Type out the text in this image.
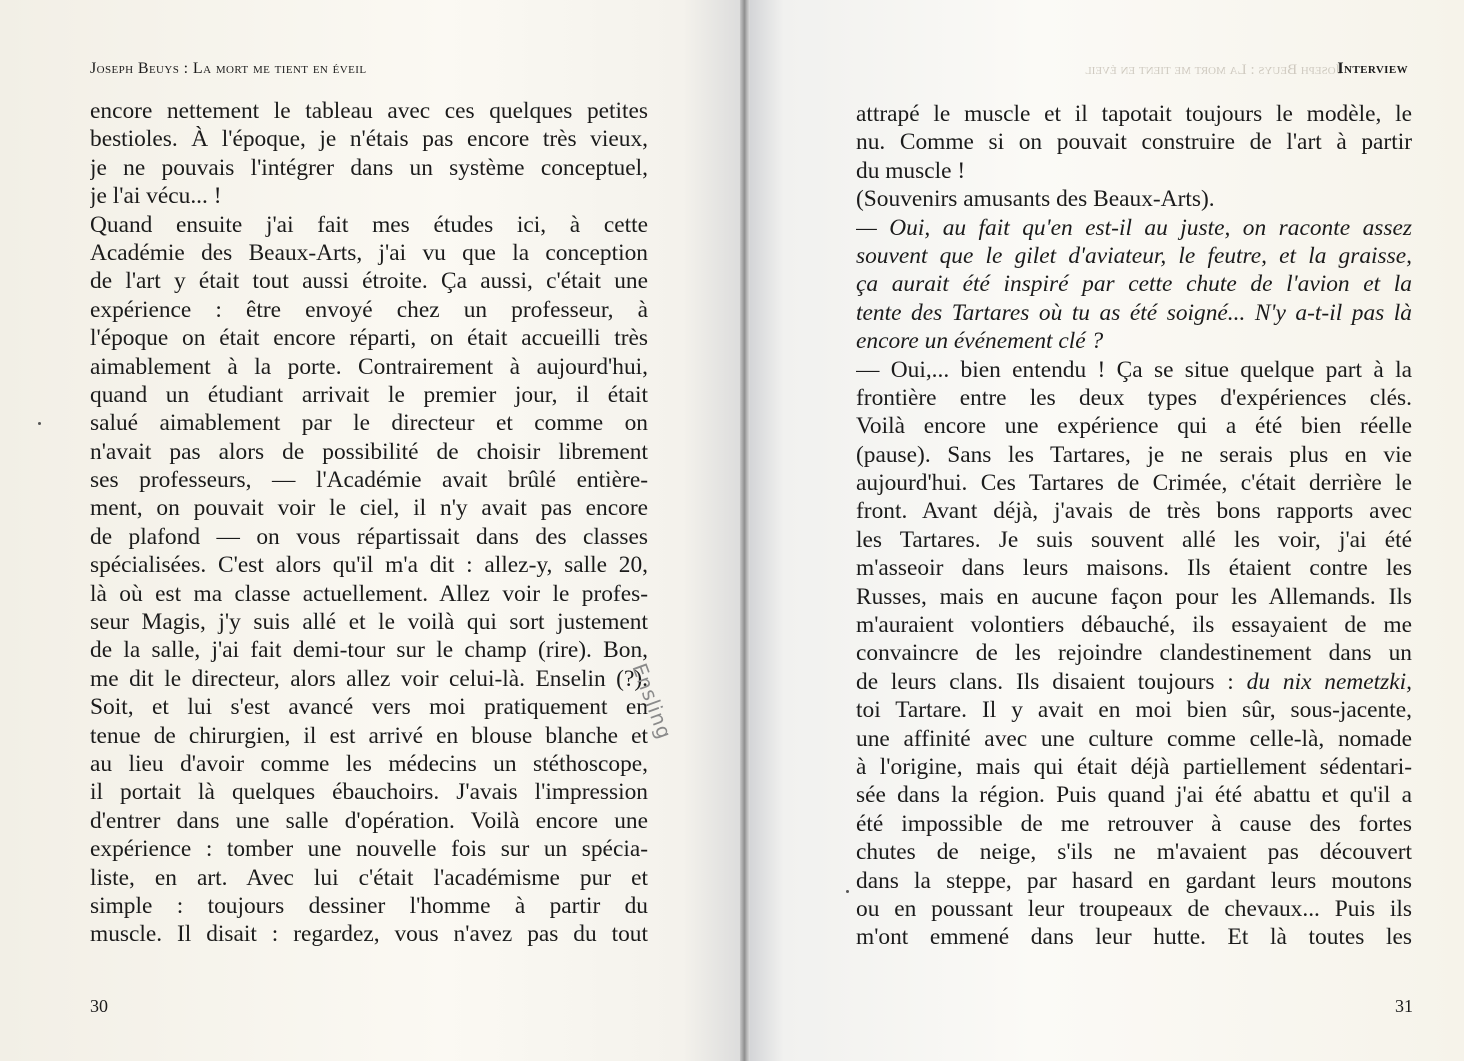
Joseph Beuys : La mort me tient en éveil
encore nettement le tableau avec ces quelques petites
bestioles. À l'époque, je n'étais pas encore très vieux,
je ne pouvais l'intégrer dans un système conceptuel,
je l'ai vécu... !
Quand ensuite j'ai fait mes études ici, à cette
Académie des Beaux-Arts, j'ai vu que la conception
de l'art y était tout aussi étroite. Ça aussi, c'était une
expérience : être envoyé chez un professeur, à
l'époque on était encore réparti, on était accueilli très
aimablement à la porte. Contrairement à aujourd'hui,
quand un étudiant arrivait le premier jour, il était
salué aimablement par le directeur et comme on
n'avait pas alors de possibilité de choisir librement
ses professeurs, — l'Académie avait brûlé entière-
ment, on pouvait voir le ciel, il n'y avait pas encore
de plafond — on vous répartissait dans des classes
spécialisées. C'est alors qu'il m'a dit : allez-y, salle 20,
là où est ma classe actuellement. Allez voir le profes-
seur Magis, j'y suis allé et le voilà qui sort justement
de la salle, j'ai fait demi-tour sur le champ (rire). Bon,
me dit le directeur, alors allez voir celui-là. Enselin (?).
Soit, et lui s'est avancé vers moi pratiquement en
tenue de chirurgien, il est arrivé en blouse blanche et
au lieu d'avoir comme les médecins un stéthoscope,
il portait là quelques ébauchoirs. J'avais l'impression
d'entrer dans une salle d'opération. Voilà encore une
expérience : tomber une nouvelle fois sur un spécia-
liste, en art. Avec lui c'était l'académisme pur et
simple : toujours dessiner l'homme à partir du
muscle. Il disait : regardez, vous n'avez pas du tout
Ensling
30
Joseph Beuys : La mort me tient en éveil
Interview
attrapé le muscle et il tapotait toujours le modèle, le
nu. Comme si on pouvait construire de l'art à partir
du muscle !
(Souvenirs amusants des Beaux-Arts).
— Oui, au fait qu'en est-il au juste, on raconte assez
souvent que le gilet d'aviateur, le feutre, et la graisse,
ça aurait été inspiré par cette chute de l'avion et la
tente des Tartares où tu as été soigné... N'y a-t-il pas là
encore un événement clé ?
— Oui,... bien entendu ! Ça se situe quelque part à la
frontière entre les deux types d'expériences clés.
Voilà encore une expérience qui a été bien réelle
(pause). Sans les Tartares, je ne serais plus en vie
aujourd'hui. Ces Tartares de Crimée, c'était derrière le
front. Avant déjà, j'avais de très bons rapports avec
les Tartares. Je suis souvent allé les voir, j'ai été
m'asseoir dans leurs maisons. Ils étaient contre les
Russes, mais en aucune façon pour les Allemands. Ils
m'auraient volontiers débauché, ils essayaient de me
convaincre de les rejoindre clandestinement dans un
de leurs clans. Ils disaient toujours : du nix nemetzki,
toi Tartare. Il y avait en moi bien sûr, sous-jacente,
une affinité avec une culture comme celle-là, nomade
à l'origine, mais qui était déjà partiellement sédentari-
sée dans la région. Puis quand j'ai été abattu et qu'il a
été impossible de me retrouver à cause des fortes
chutes de neige, s'ils ne m'avaient pas découvert
dans la steppe, par hasard en gardant leurs moutons
ou en poussant leur troupeaux de chevaux... Puis ils
m'ont emmené dans leur hutte. Et là toutes les
31
